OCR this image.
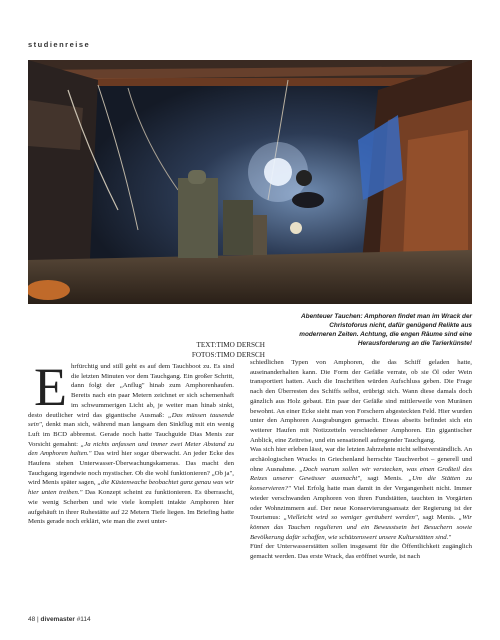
studienreise
Abenteuer Tauchen: Amphoren findet man im Wrack der Christoforus nicht, dafür genügend Relikte aus moderneren Zeiten. Achtung, die engen Räume sind eine Herausforderung an die Tarierkünste!
TEXT:TIMO DERSCH
FOTOS:TIMO DERSCH

Ehrfürchtig und still geht es auf dem Tauchboot zu. Es sind die letzten Minuten vor dem Tauchgang. Ein großer Schritt, dann folgt der „Anflug" hinab zum Amphorenhaufen. Bereits nach ein paar Metern zeichnet er sich schemenhaft im schwummerigen Licht ab, je weiter man hinab sinkt, desto deutlicher wird das gigantische Ausmaß: „Das müssen tausende sein", denkt man sich, während man langsam den Sinkflug mit ein wenig Luft im BCD abbremst. Gerade noch hatte Tauchguide Dias Menis zur Vorsicht gemahnt: „Ja nichts anfassen und immer zwei Meter Abstand zu den Amphoren halten." Das wird hier sogar überwacht. An jeder Ecke des Haufens stehen Unterwasser-Überwachungskameras. Das macht den Tauchgang irgendwie noch mystischer. Ob die wohl funktionieren? „Ob ja", wird Menis später sagen, „die Küstenwache beobachtet ganz genau was wir hier unten treiben." Das Konzept scheint zu funktionieren. Es überrascht, wie wenig Scherben und wie viele komplett intakte Amphoren hier aufgehäuft in ihrer Ruhestätte auf 22 Metern Tiefe liegen. Im Briefing hatte Menis gerade noch erklärt, wie man die zwei unter-

schiedlichen Typen von Amphoren, die das Schiff geladen hatte, auseinanderhalten kann. Die Form der Gefäße verrate, ob sie Öl oder Wein transportiert hatten. Auch die Inschriften würden Aufschluss geben. Die Frage nach den Überresten des Schiffs selbst, erübrigt sich. Wann diese damals doch gänzlich aus Holz gebaut. Ein paar der Gefäße sind mittlerweile von Muränen bewohnt. An einer Ecke sieht man von Forschern abgesteckten Feld. Hier wurden unter den Amphoren Ausgrabungen gemacht. Etwas abseits befindet sich ein weiterer Haufen mit Notizzetteln verschiedener Amphoren. Ein gigantischer Anblick, eine Zeitreise, und ein sensationell aufregender Tauchgang.

Was sich hier erleben lässt, war die letzten Jahrzehnte nicht selbstverständlich. An archäologischen Wracks in Griechenland herrschte Tauchverbot – generell und ohne Ausnahme. „Doch warum sollen wir verstecken, was einen Großteil des Reizes unserer Gewässer ausmacht", sagt Menis. „Um die Stätten zu konservieren?" Viel Erfolg hatte man damit in der Vergangenheit nicht. Immer wieder verschwanden Amphoren von ihren Fundstätten, tauchten in Vorgärten oder Wohnzimmern auf. Der neue Konservierungsansatz der Regierung ist der Tourismus: „Vielleicht wird so weniger geräubert werden", sagt Menis. „Wir können das Tauchen regulieren und ein Bewusstsein bei Besuchern sowie Bevölkerung dafür schaffen, wie schützenswert unsere Kulturstätten sind."

Fünf der Unterwasserstätten sollen insgesamt für die Öffentlichkeit zugänglich gemacht werden. Das erste Wrack, das eröffnet wurde, ist nach

48 | divemaster #114
